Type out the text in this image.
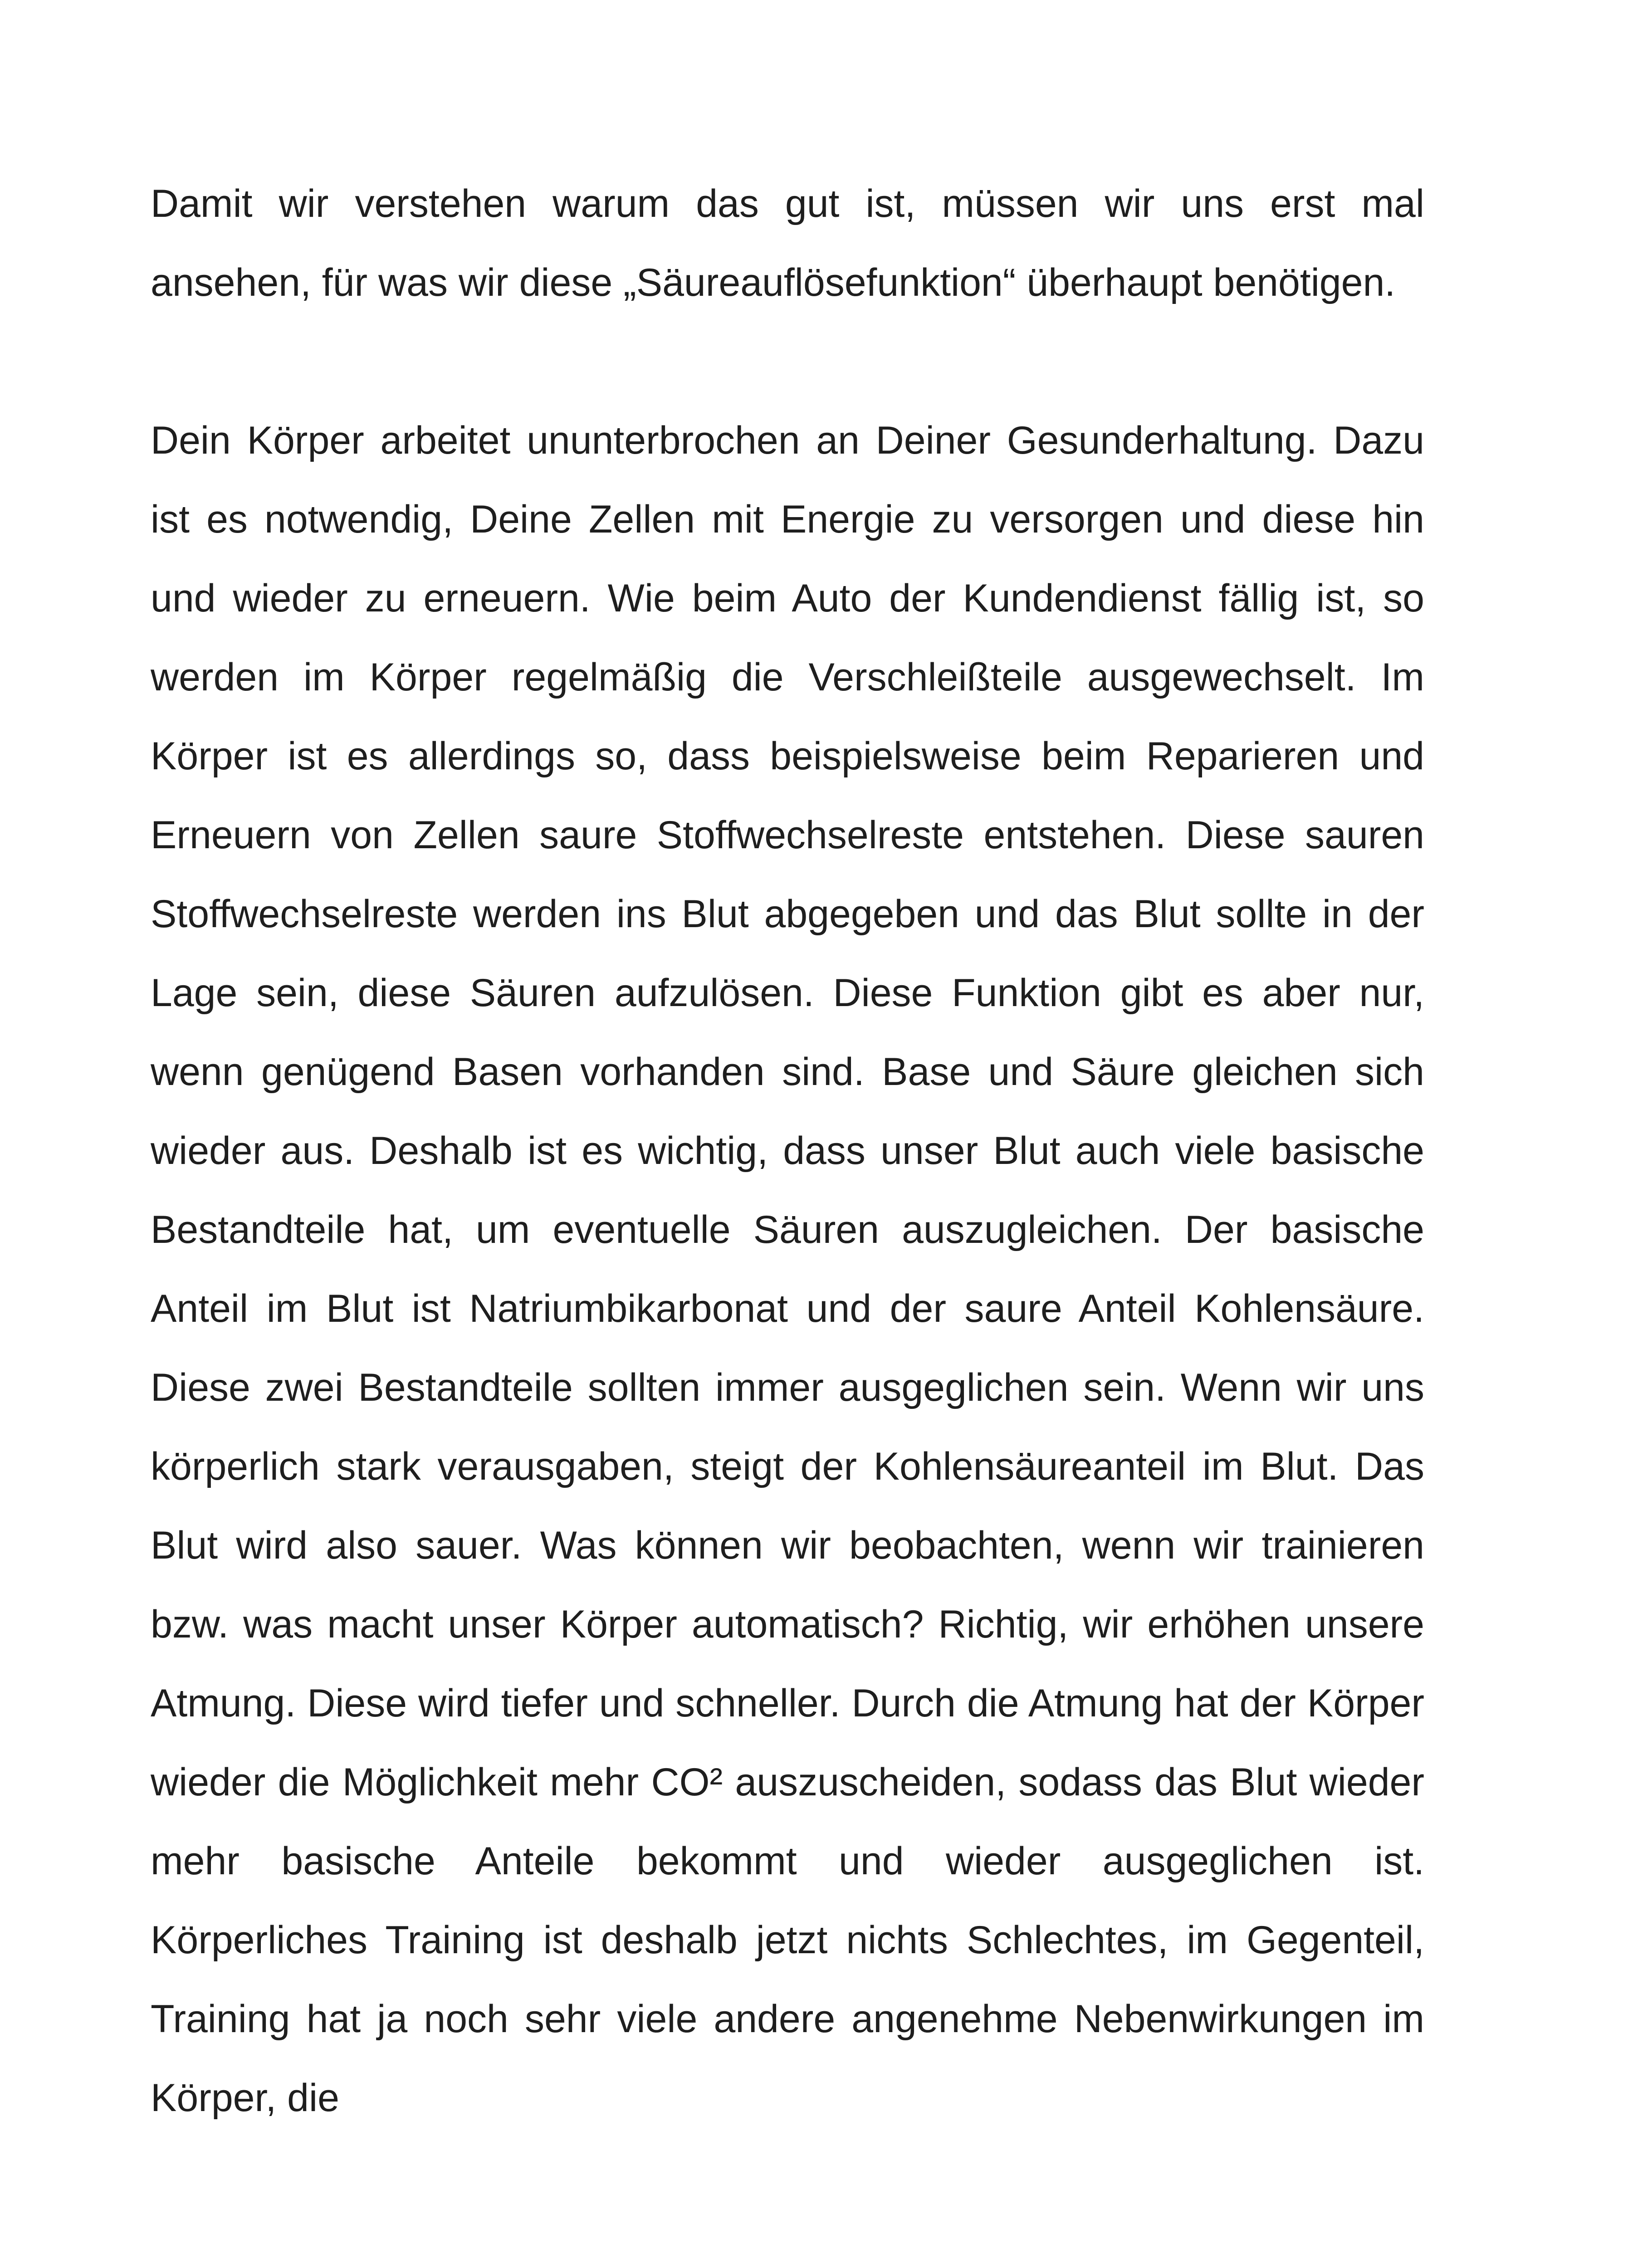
Damit wir verstehen warum das gut ist, müssen wir uns erst mal ansehen, für was wir diese „Säureauflösefunktion“ überhaupt benötigen.

Dein Körper arbeitet ununterbrochen an Deiner Gesunderhaltung. Dazu ist es notwendig, Deine Zellen mit Energie zu versorgen und diese hin und wieder zu erneuern. Wie beim Auto der Kundendienst fällig ist, so werden im Körper regelmäßig die Verschleißteile ausgewechselt. Im Körper ist es allerdings so, dass beispielsweise beim Reparieren und Erneuern von Zellen saure Stoffwechselreste entstehen. Diese sauren Stoffwechselreste werden ins Blut abgegeben und das Blut sollte in der Lage sein, diese Säuren aufzulösen. Diese Funktion gibt es aber nur, wenn genügend Basen vorhanden sind. Base und Säure gleichen sich wieder aus. Deshalb ist es wichtig, dass unser Blut auch viele basische Bestandteile hat, um eventuelle Säuren auszugleichen. Der basische Anteil im Blut ist Natriumbikarbonat und der saure Anteil Kohlensäure. Diese zwei Bestandteile sollten immer ausgeglichen sein. Wenn wir uns körperlich stark verausgaben, steigt der Kohlensäureanteil im Blut. Das Blut wird also sauer. Was können wir beobachten, wenn wir trainieren bzw. was macht unser Körper automatisch? Richtig, wir erhöhen unsere Atmung. Diese wird tiefer und schneller. Durch die Atmung hat der Körper wieder die Möglichkeit mehr CO² auszuscheiden, sodass das Blut wieder mehr basische Anteile bekommt und wieder ausgeglichen ist. Körperliches Training ist deshalb jetzt nichts Schlechtes, im Gegenteil, Training hat ja noch sehr viele andere angenehme Nebenwirkungen im Körper, die
